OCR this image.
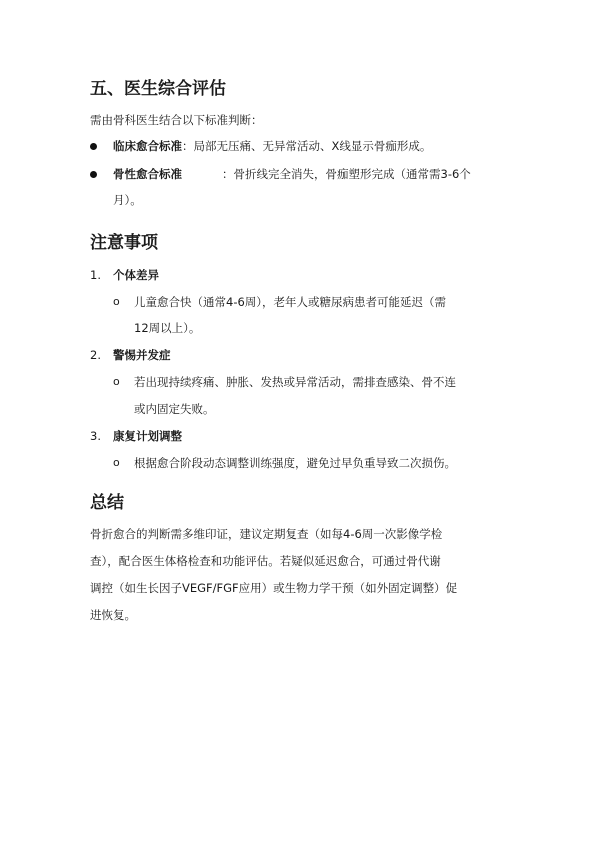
五、医生综合评估

需由骨科医生结合以下标准判断：

临床愈合标准：局部无压痛、无异常活动、X线显示骨痂形成。
骨性愈合标准	：骨折线完全消失，骨痂塑形完成（通常需3-6个
月）。
注意事项
1. 个体差异
o 儿童愈合快（通常4-6周），老年人或糖尿病患者可能延迟（需
12周以上）。
2. 警惕并发症
o 若出现持续疼痛、肿胀、发热或异常活动，需排查感染、骨不连
或内固定失败。
3. 康复计划调整
o 根据愈合阶段动态调整训练强度，避免过早负重导致二次损伤。
总结

骨折愈合的判断需多维印证，建议定期复查（如每4-6周一次影像学检

查），配合医生体格检查和功能评估。若疑似延迟愈合，可通过骨代谢

调控（如生长因子VEGF/FGF应用）或生物力学干预（如外固定调整）促

进恢复。
